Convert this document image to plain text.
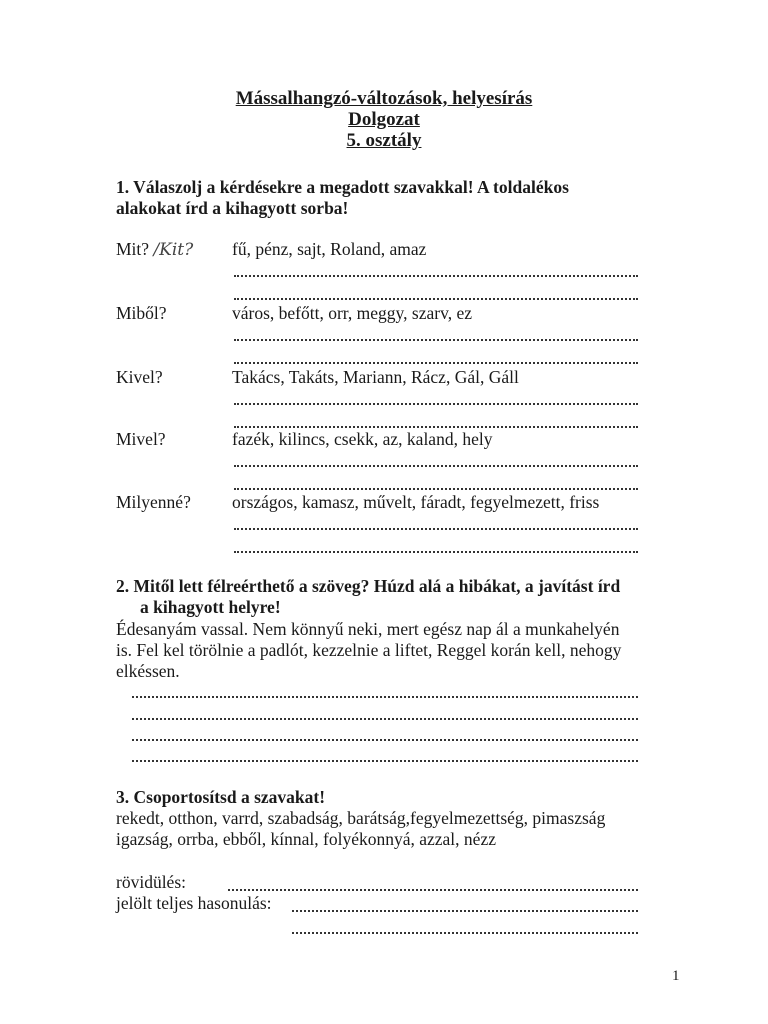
Mássalhangzó-változások, helyesírás
Dolgozat
5. osztály
1. Válaszolj a kérdésekre a megadott szavakkal! A toldalékos
alakokat írd a kihagyott sorba!
Mit? /Kit? fű, pénz, sajt, Roland, amaz
Miből?	város, befőtt, orr, meggy, szarv, ez
Kivel?	Takács, Takáts, Mariann, Rácz, Gál, Gáll
Mivel?	fazék, kilincs, csekk, az, kaland, hely
Milyenné? országos, kamasz, művelt, fáradt, fegyelmezett, friss
2. Mitől lett félreérthető a szöveg? Húzd alá a hibákat, a javítást írd
a kihagyott helyre!
Édesanyám vassal. Nem könnyű neki, mert egész nap ál a munkahelyén
is. Fel kel törölnie a padlót, kezzelnie a liftet, Reggel korán kell, nehogy
elkéssen.
3. Csoportosítsd a szavakat!
rekedt, otthon, varrd, szabadság, barátság,fegyelmezettség, pimaszság
igazság, orrba, ebből, kínnal, folyékonnyá, azzal, nézz
rövidülés:
jelölt teljes hasonulás:
1
